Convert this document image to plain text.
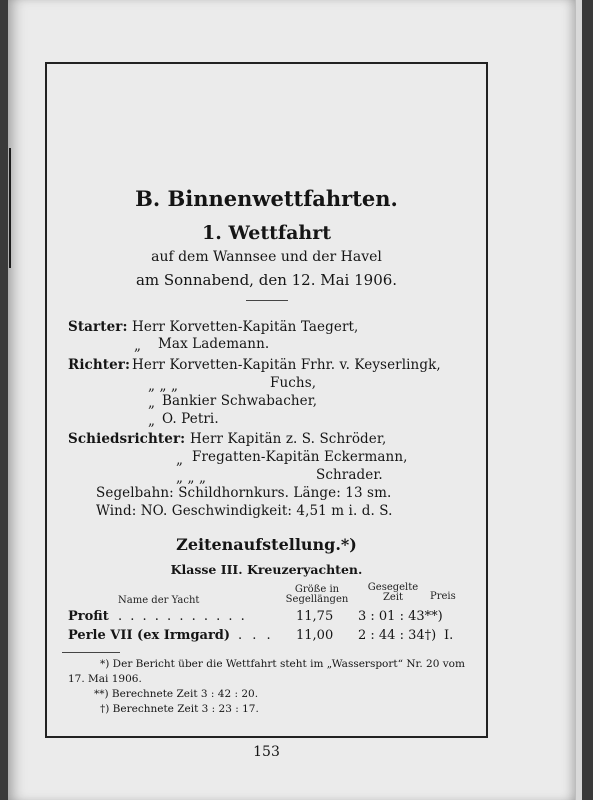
B. Binnenwettfahrten.
1. Wettfahrt
auf dem Wannsee und der Havel
am Sonnabend, den 12. Mai 1906.
Starter: Herr Korvetten-Kapitän Taegert,
„ Max Lademann.
Richter: Herr Korvetten-Kapitän Frhr. v. Keyserlingk,
„ „ „	Fuchs,
„ Bankier Schwabacher,
„ O. Petri.
Schiedsrichter: Herr Kapitän z. S. Schröder,
„ Fregatten-Kapitän Eckermann,
„ „ „	Schrader.
Segelbahn: Schildhornkurs. Länge: 13 sm.
Wind: NO. Geschwindigkeit: 4,51 m i. d. S.
Zeitenaufstellung.*)
Klasse III. Kreuzeryachten.
Name der Yacht
Größe in
Segellängen
Gesegelte
Zeit	Preis
Profit . . . . . . . . . . .	11,75 3 : 01 : 43**)
Perle VII (ex Irmgard) . . . 11,00 2 : 44 : 34†) I.
*) Der Bericht über die Wettfahrt steht im „Wassersport“ Nr. 20 vom
17. Mai 1906.
**) Berechnete Zeit 3 : 42 : 20.
†) Berechnete Zeit 3 : 23 : 17.
153
